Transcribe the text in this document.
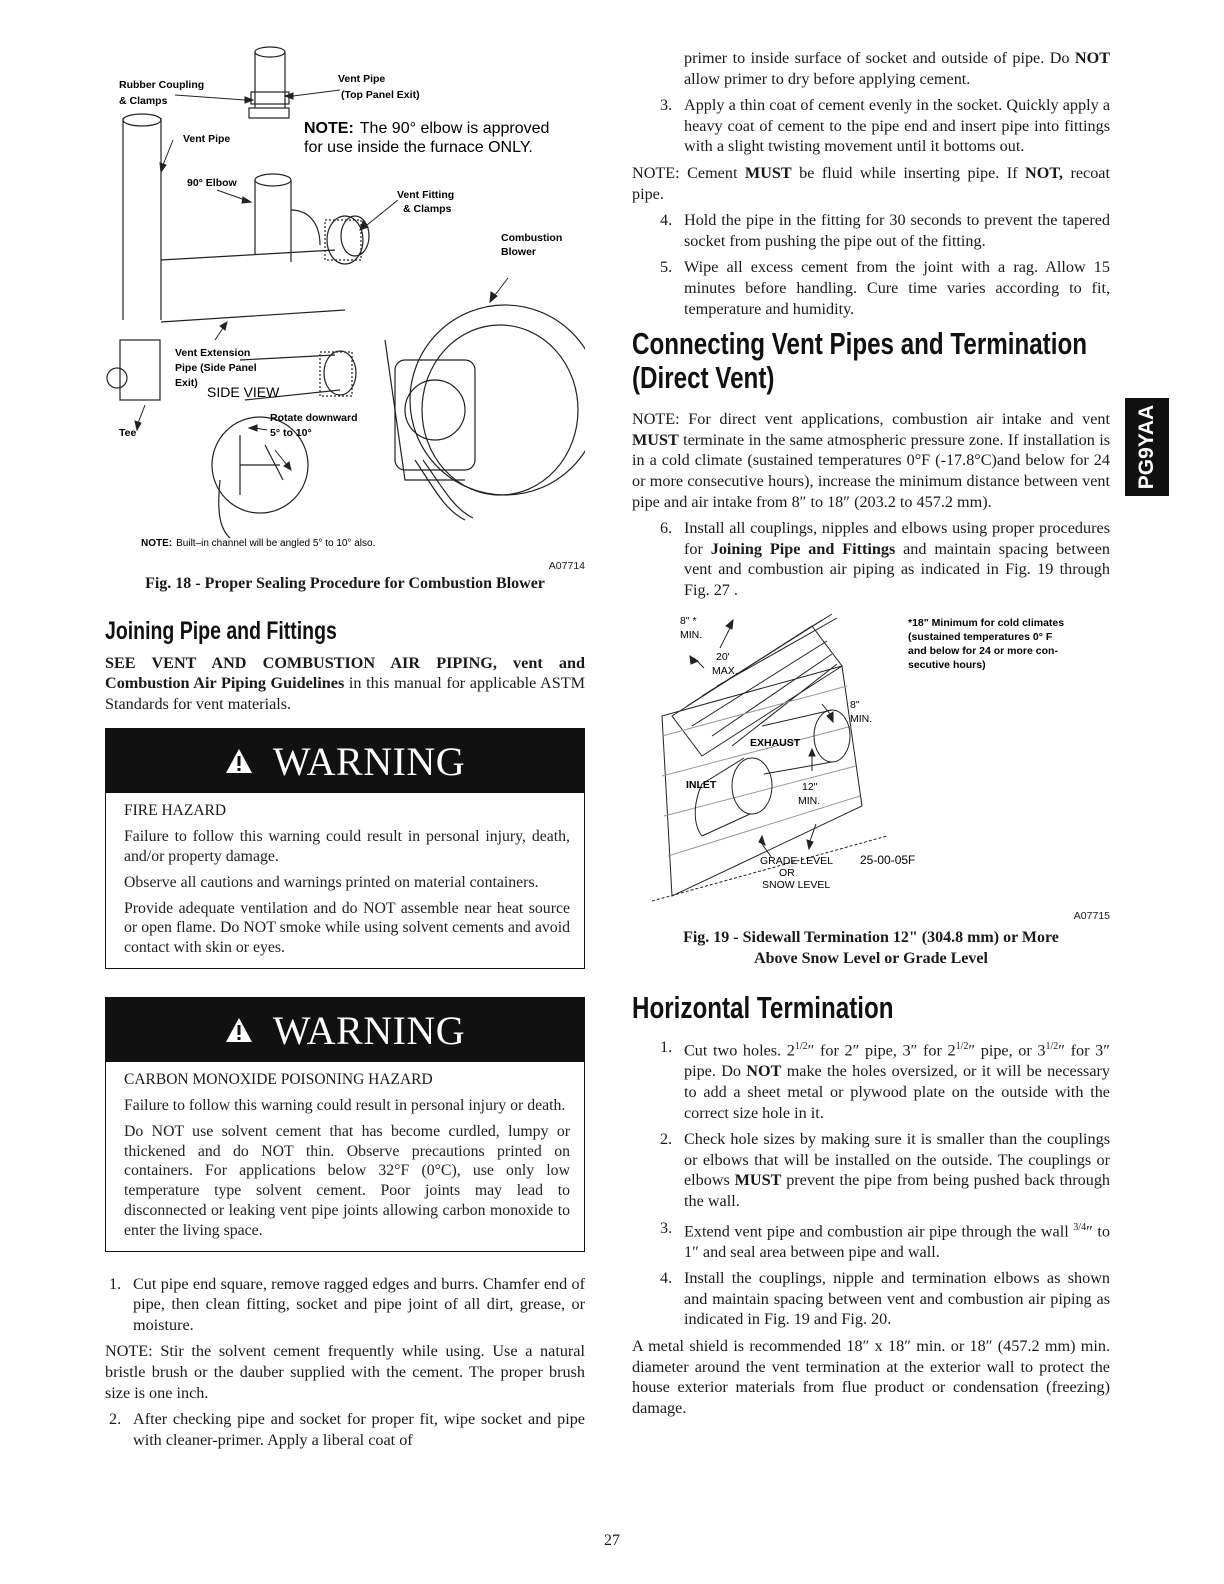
Rubber Coupling
& Clamps
Vent Pipe
(Top Panel Exit)
Vent Pipe
90° Elbow
Vent Fitting
& Clamps
Combustion
Blower
Vent Extension
Pipe (Side Panel
Exit)
SIDE VIEW
Rotate downward
5° to 10°
Tee
NOTE: The 90° elbow is approved
for use inside the furnace ONLY.
NOTE: Built–in channel will be angled 5° to 10° also.
A07714
Fig. 18 - Proper Sealing Procedure for Combustion Blower
Joining Pipe and Fittings

SEE VENT AND COMBUSTION AIR PIPING, vent and Combustion Air Piping Guidelines in this manual for applicable ASTM Standards for vent materials.

WARNING
FIRE HAZARD

Failure to follow this warning could result in personal injury, death, and/or property damage.

Observe all cautions and warnings printed on material containers.

Provide adequate ventilation and do NOT assemble near heat source or open flame. Do NOT smoke while using solvent cements and avoid contact with skin or eyes.

WARNING
CARBON MONOXIDE POISONING HAZARD

Failure to follow this warning could result in personal injury or death.

Do NOT use solvent cement that has become curdled, lumpy or thickened and do NOT thin. Observe precautions printed on containers. For applications below 32°F (0°C), use only low temperature type solvent cement. Poor joints may lead to disconnected or leaking vent pipe joints allowing carbon monoxide to enter the living space.

1. Cut pipe end square, remove ragged edges and burrs. Chamfer end of pipe, then clean fitting, socket and pipe joint of all dirt, grease, or moisture.

NOTE: Stir the solvent cement frequently while using. Use a natural bristle brush or the dauber supplied with the cement. The proper brush size is one inch.

2. After checking pipe and socket for proper fit, wipe socket and pipe with cleaner-primer. Apply a liberal coat of

primer to inside surface of socket and outside of pipe. Do NOT allow primer to dry before applying cement.

3. Apply a thin coat of cement evenly in the socket. Quickly apply a heavy coat of cement to the pipe end and insert pipe into fittings with a slight twisting movement until it bottoms out.

NOTE: Cement MUST be fluid while inserting pipe. If NOT, recoat pipe.

4. Hold the pipe in the fitting for 30 seconds to prevent the tapered socket from pushing the pipe out of the fitting.
5. Wipe all excess cement from the joint with a rag. Allow 15 minutes before handling. Cure time varies according to fit, temperature and humidity.
Connecting Vent Pipes and Termination (Direct Vent)

NOTE: For direct vent applications, combustion air intake and vent MUST terminate in the same atmospheric pressure zone. If installation is in a cold climate (sustained temperatures 0°F (-17.8°C)and below for 24 or more consecutive hours), increase the minimum distance between vent pipe and air intake from 8″ to 18″ (203.2 to 457.2 mm).

6. Install all couplings, nipples and elbows using proper procedures for Joining Pipe and Fittings and maintain spacing between vent and combustion air piping as indicated in Fig. 19 through Fig. 27 .
8" *
MIN.
20'
MAX.
8"
MIN.
EXHAUST
INLET	12"
MIN.
GRADE LEVEL
OR
SNOW LEVEL
25-00-05F
*18" Minimum for cold climates
(sustained temperatures 0° F
and below for 24 or more con-
secutive hours)
A07715
Fig. 19 - Sidewall Termination 12" (304.8 mm) or More
Above Snow Level or Grade Level
Horizontal Termination
1. Cut two holes. $2^{1/2}''$ for 2″ pipe, 3″ for $2^{1/2}''$ pipe, or $3^{1/2}''$ for 3″ pipe. Do NOT make the holes oversized, or it will be necessary to add a sheet metal or plywood plate on the outside with the correct size hole in it.
2. Check hole sizes by making sure it is smaller than the couplings or elbows that will be installed on the outside. The couplings or elbows MUST prevent the pipe from being pushed back through the wall.
3. Extend vent pipe and combustion air pipe through the wall $^{3/4}$″ to 1″ and seal area between pipe and wall.
4. Install the couplings, nipple and termination elbows as shown and maintain spacing between vent and combustion air piping as indicated in Fig. 19 and Fig. 20.

A metal shield is recommended 18″ x 18″ min. or 18″ (457.2 mm) min. diameter around the vent termination at the exterior wall to protect the house exterior materials from flue product or condensation (freezing) damage.

PG9YAA
27
